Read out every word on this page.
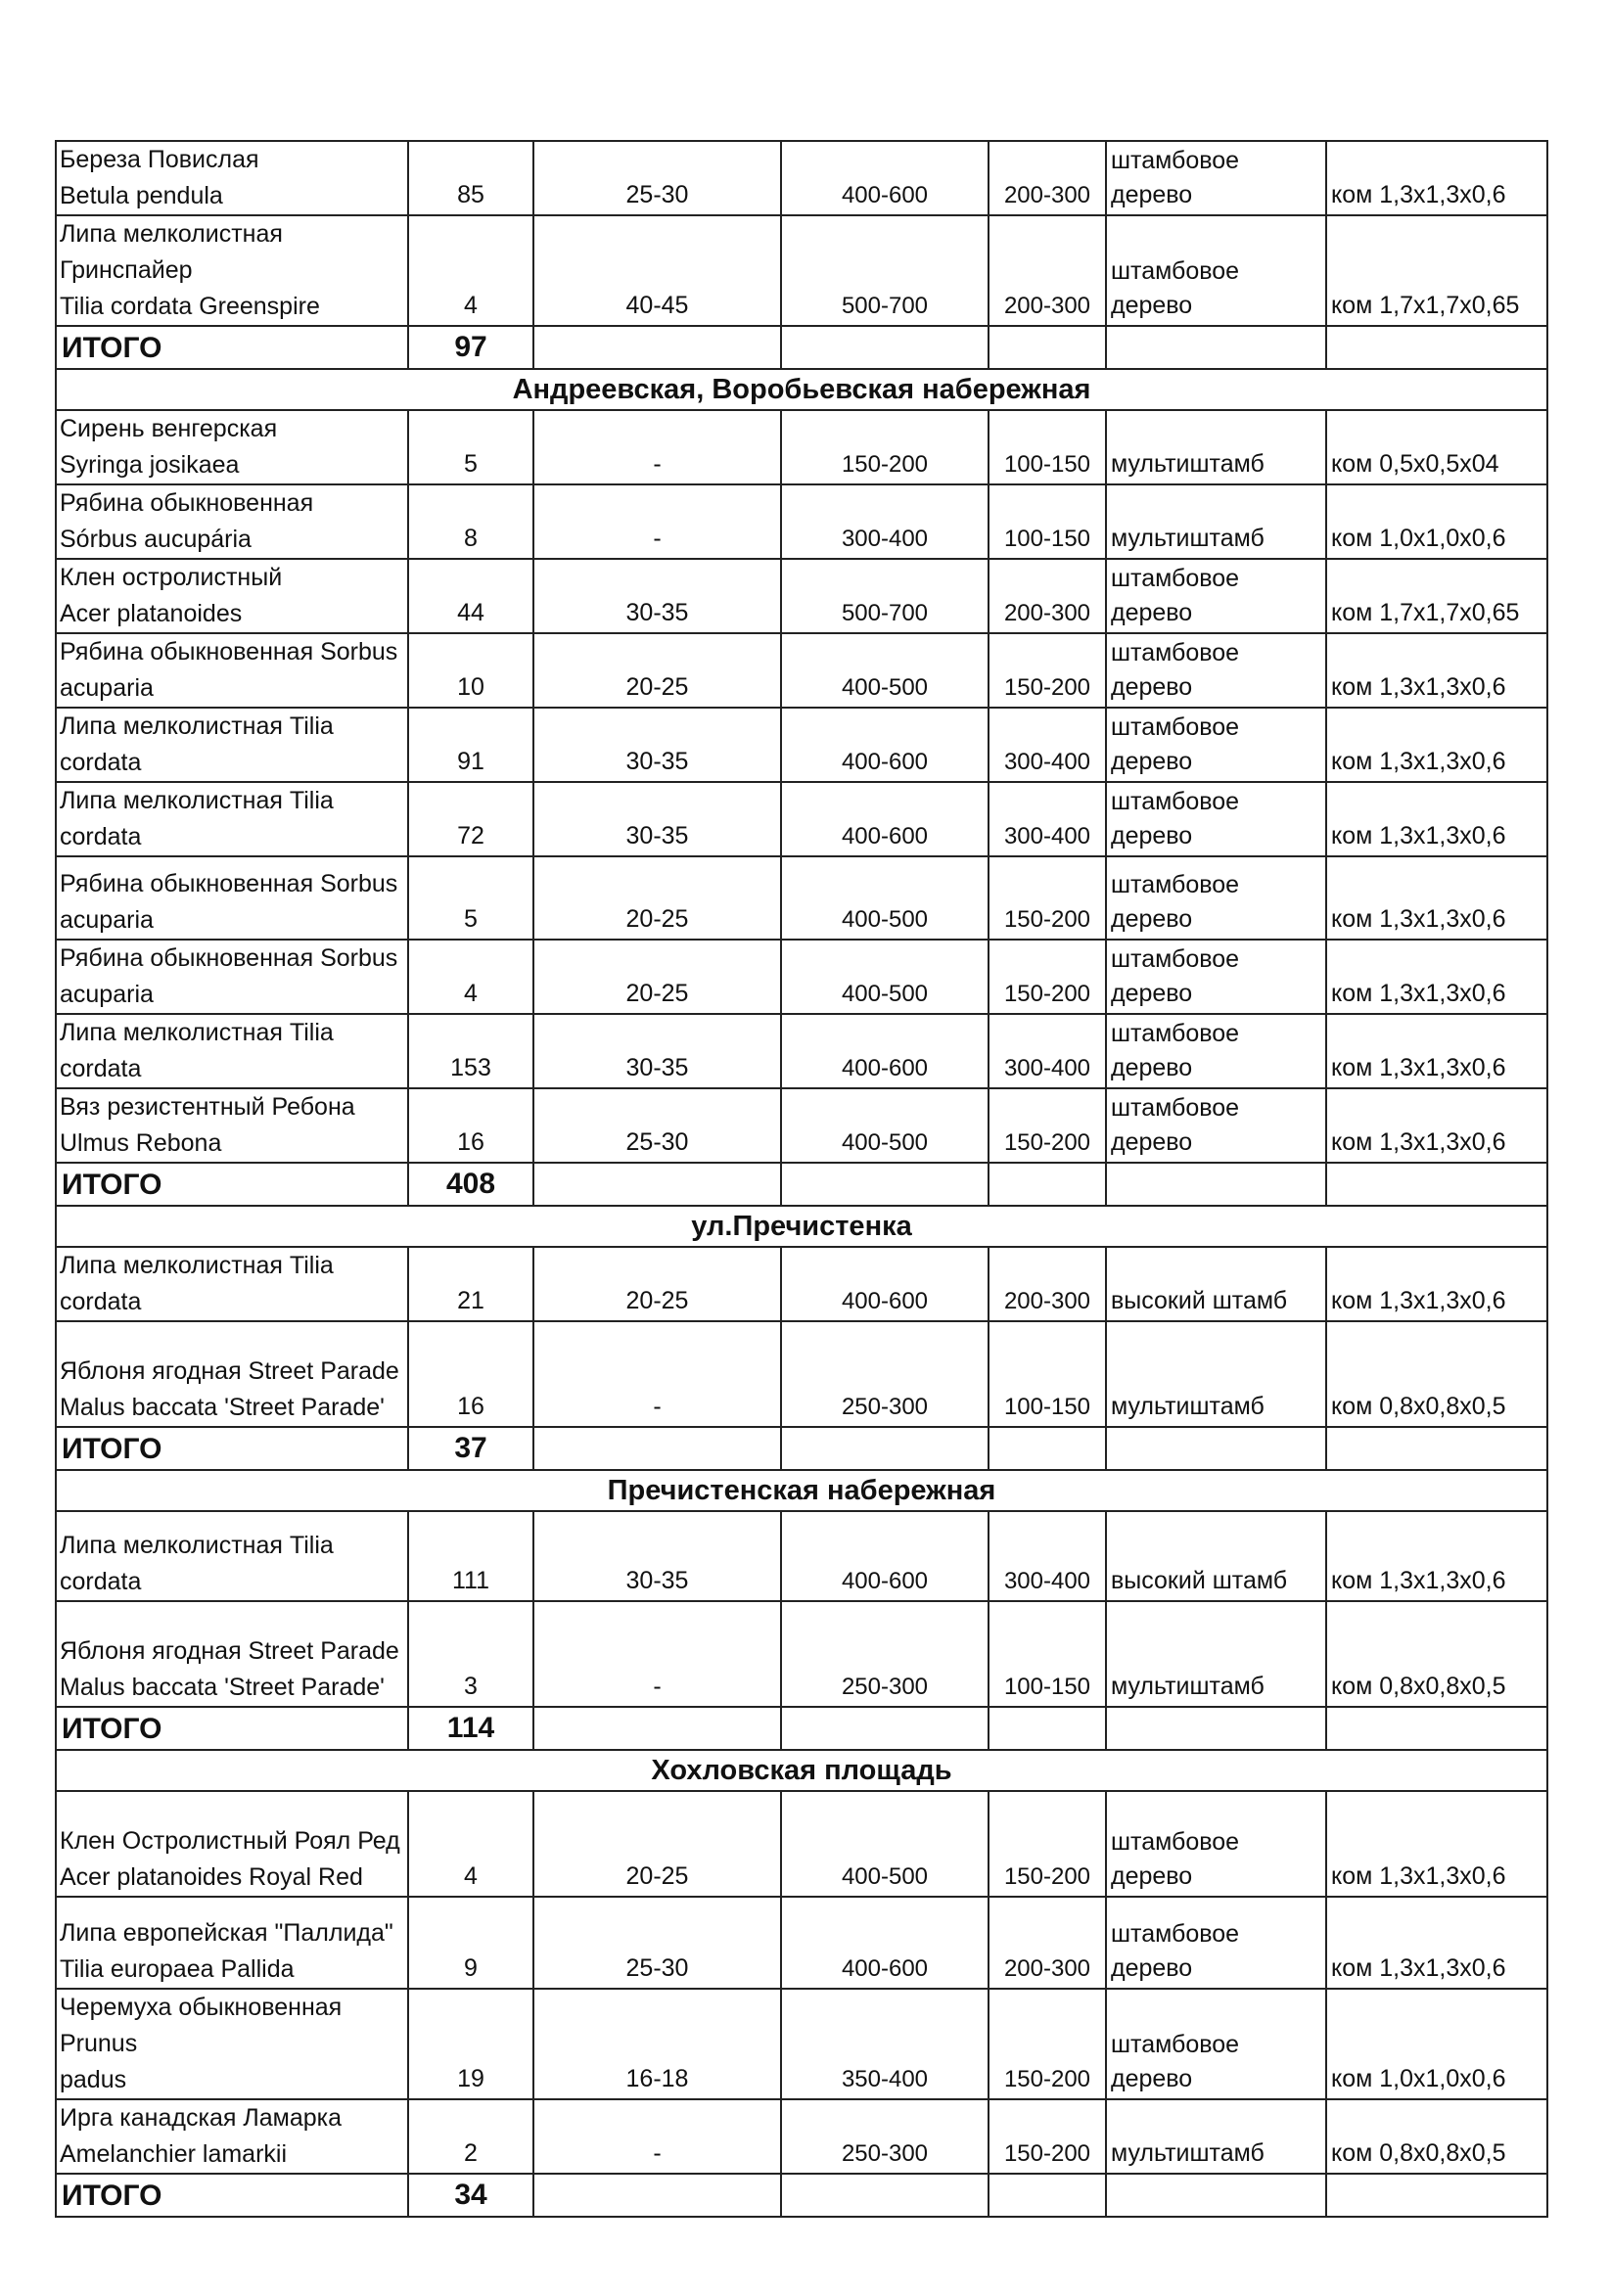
Береза Повислая
Betula pendula	85	25-30	400-600	200-300	штамбовое дерево	ком 1,3х1,3х0,6

Липа мелколистная Гринспайер
Tilia cordata Greenspire	4	40-45	500-700	200-300	штамбовое дерево	ком 1,7х1,7х0,65
ИТОГО	97					
Андреевская, Воробьевская набережная						

Сирень венгерская
Syringa josikaea	5	-	150-200	100-150	мультиштамб	ком 0,5х0,5х04

Рябина обыкновенная
Sórbus aucupária	8	-	300-400	100-150	мультиштамб	ком 1,0х1,0х0,6

Клен остролистный
Acer platanoides	44	30-35	500-700	200-300	штамбовое дерево	ком 1,7х1,7х0,65

Рябина обыкновенная Sorbus
acuparia	10	20-25	400-500	150-200	штамбовое дерево	ком 1,3х1,3х0,6

Липа мелколистная Tilia
cordata	91	30-35	400-600	300-400	штамбовое дерево	ком 1,3х1,3х0,6

Липа мелколистная Tilia
cordata	72	30-35	400-600	300-400	штамбовое дерево	ком 1,3х1,3х0,6

Рябина обыкновенная Sorbus
acuparia	5	20-25	400-500	150-200	штамбовое дерево	ком 1,3х1,3х0,6

Рябина обыкновенная Sorbus
acuparia	4	20-25	400-500	150-200	штамбовое дерево	ком 1,3х1,3х0,6

Липа мелколистная Tilia
cordata	153	30-35	400-600	300-400	штамбовое дерево	ком 1,3х1,3х0,6

Вяз резистентный Ребона
Ulmus Rebona	16	25-30	400-500	150-200	штамбовое дерево	ком 1,3х1,3х0,6
ИТОГО	408					
ул.Пречистенка						

Липа мелколистная Tilia
cordata	21	20-25	400-600	200-300	высокий штамб	ком 1,3х1,3х0,6

Яблоня ягодная Street Parade
Malus baccata 'Street Parade'	16	-	250-300	100-150	мультиштамб	ком 0,8х0,8х0,5
ИТОГО	37					
Пречистенская набережная						

Липа мелколистная Tilia
cordata	111	30-35	400-600	300-400	высокий штамб	ком 1,3х1,3х0,6

Яблоня ягодная Street Parade
Malus baccata 'Street Parade'	3	-	250-300	100-150	мультиштамб	ком 0,8х0,8х0,5
ИТОГО	114					
Хохловская площадь						

Клен Остролистный Роял Ред
Acer platanoides Royal Red	4	20-25	400-500	150-200	штамбовое дерево	ком 1,3х1,3х0,6

Липа европейская "Паллида"
Tilia europaea Pallida	9	25-30	400-600	200-300	штамбовое дерево	ком 1,3х1,3х0,6

Черемуха обыкновенная Prunus
padus	19	16-18	350-400	150-200	штамбовое дерево	ком 1,0х1,0х0,6

Ирга канадская Ламарка
Amelanchier lamarkii	2	-	250-300	150-200	мультиштамб	ком 0,8х0,8х0,5
ИТОГО	34					
